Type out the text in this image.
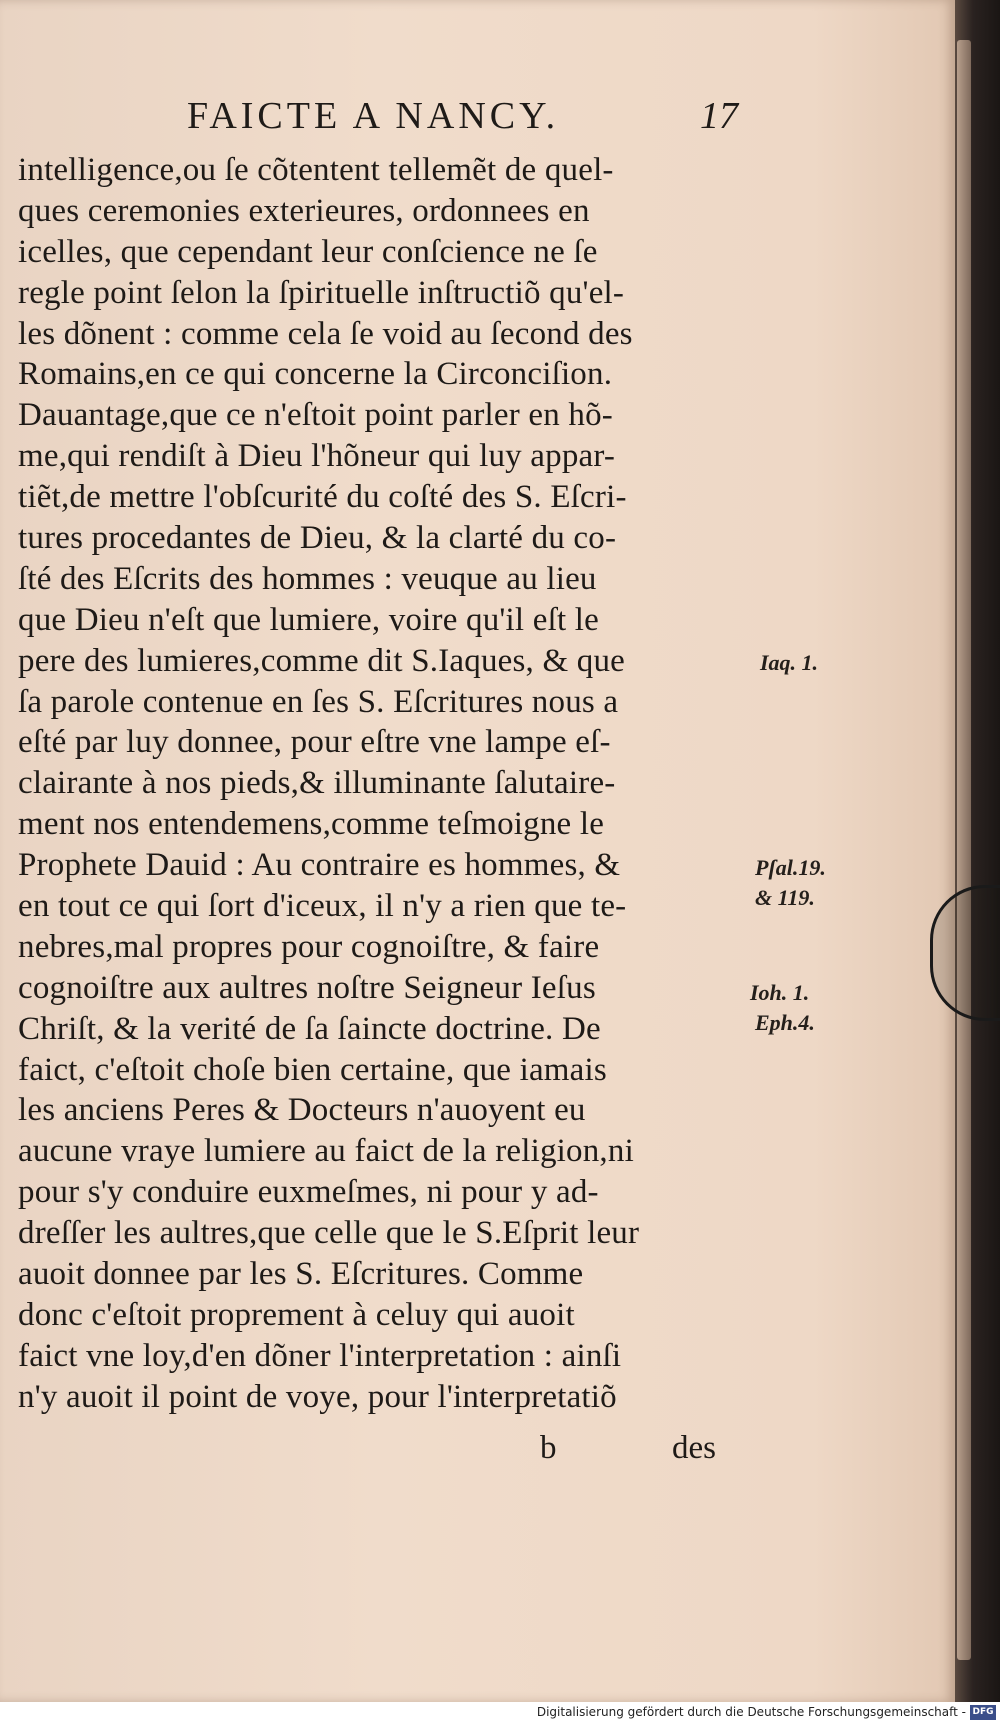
FAICTE A NANCY.	17
intelligence,ou ſe cõtentent tellemẽt de quel-
ques ceremonies exterieures, ordonnees en
icelles, que cependant leur conſcience ne ſe
regle point ſelon la ſpirituelle inſtructiõ qu'el-
les dõnent : comme cela ſe void au ſecond des
Romains,en ce qui concerne la Circonciſion.
Dauantage,que ce n'eſtoit point parler en hõ-
me,qui rendiſt à Dieu l'hõneur qui luy appar-
tiẽt,de mettre l'obſcurité du coſté des S. Eſcri-
tures procedantes de Dieu, & la clarté du co-
ſté des Eſcrits des hommes : veuque au lieu
que Dieu n'eſt que lumiere, voire qu'il eſt le
pere des lumieres,comme dit S.Iaques, & que
ſa parole contenue en ſes S. Eſcritures nous a
eſté par luy donnee, pour eſtre vne lampe eſ-
clairante à nos pieds,& illuminante ſalutaire-
ment nos entendemens,comme teſmoigne le
Prophete Dauid : Au contraire es hommes, &
en tout ce qui ſort d'iceux, il n'y a rien que te-
nebres,mal propres pour cognoiſtre, & faire
cognoiſtre aux aultres noſtre Seigneur Ieſus
Chriſt, & la verité de ſa ſaincte doctrine. De
faict, c'eſtoit choſe bien certaine, que iamais
les anciens Peres & Docteurs n'auoyent eu
aucune vraye lumiere au faict de la religion,ni
pour s'y conduire euxmeſmes, ni pour y ad-
dreſſer les aultres,que celle que le S.Eſprit leur
auoit donnee par les S. Eſcritures. Comme
donc c'eſtoit proprement à celuy qui auoit
faict vne loy,d'en dõner l'interpretation : ainſi
n'y auoit il point de voye, pour l'interpretatiõ
Iaq. 1.
Pſal.19.
& 119.
Ioh. 1.
Eph.4.
b	des
Digitalisierung gefördert durch die Deutsche Forschungsgemeinschaft - DFG
